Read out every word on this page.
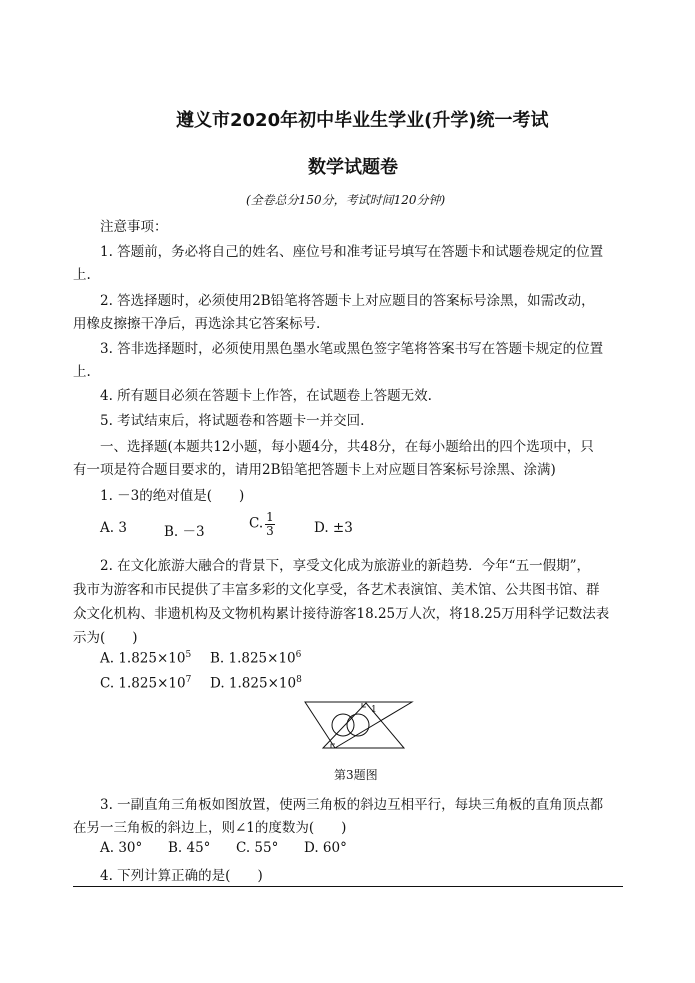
遵义市2020年初中毕业生学业(升学)统一考试
数学试题卷
(全卷总分150分，考试时间120分钟)
注意事项：
1. 答题前，务必将自己的姓名、座位号和准考证号填写在答题卡和试题卷规定的位置
上.
2. 答选择题时，必须使用2B铅笔将答题卡上对应题目的答案标号涂黑，如需改动，
用橡皮擦擦干净后，再选涂其它答案标号.
3. 答非选择题时，必须使用黑色墨水笔或黑色签字笔将答案书写在答题卡规定的位置
上.
4. 所有题目必须在答题卡上作答，在试题卷上答题无效.
5. 考试结束后，将试题卷和答题卡一并交回.
一、选择题(本题共12小题，每小题4分，共48分，在每小题给出的四个选项中，只
有一项是符合题目要求的，请用2B铅笔把答题卡上对应题目答案标号涂黑、涂满)
1. －3的绝对值是(　　)
A. 3	B. －3
C. $\frac{1}{3}$	D. ±3
2. 在文化旅游大融合的背景下，享受文化成为旅游业的新趋势．今年“五一假期”，
我市为游客和市民提供了丰富多彩的文化享受，各艺术表演馆、美术馆、公共图书馆、群
众文化机构、非遗机构及文物机构累计接待游客18.25万人次，将18.25万用科学记数法表
示为(　　)
A. $1.825\times 10^5$ B. $1.825\times 10^6$
C. $1.825\times 10^7$ D. $1.825\times 10^8$
1
第3题图
3. 一副直角三角板如图放置，使两三角板的斜边互相平行，每块三角板的直角顶点都
在另一三角板的斜边上，则∠1的度数为(　　)
A. 30° B. 45° C. 55° D. 60°
4. 下列计算正确的是(　　)
